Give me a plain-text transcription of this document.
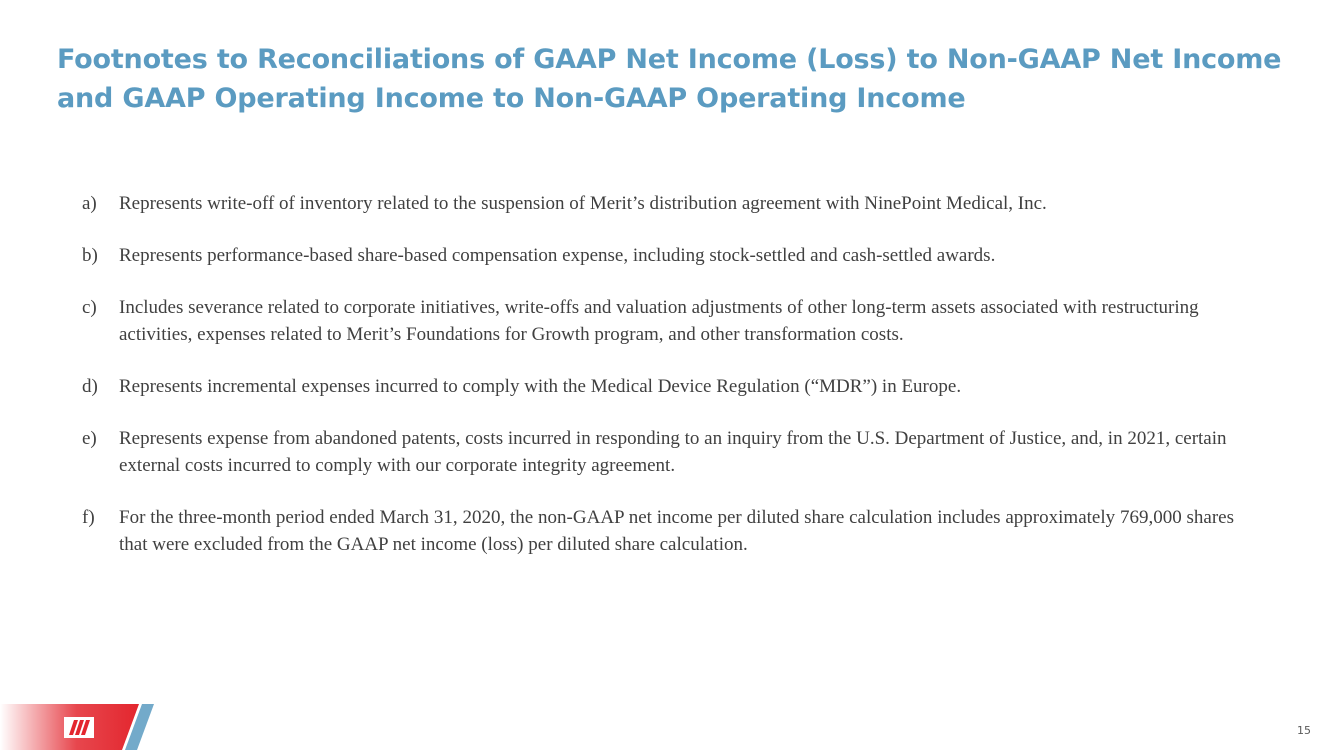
Footnotes to Reconciliations of GAAP Net Income (Loss) to Non-GAAP Net Income
and GAAP Operating Income to Non-GAAP Operating Income
a) Represents write-off of inventory related to the suspension of Merit’s distribution agreement with NinePoint Medical, Inc.
b) Represents performance-based share-based compensation expense, including stock-settled and cash-settled awards.
c) Includes severance related to corporate initiatives, write-offs and valuation adjustments of other long-term assets associated with restructuring activities, expenses related to Merit’s Foundations for Growth program, and other transformation costs.
d) Represents incremental expenses incurred to comply with the Medical Device Regulation (“MDR”) in Europe.
e) Represents expense from abandoned patents, costs incurred in responding to an inquiry from the U.S. Department of Justice, and, in 2021, certain external costs incurred to comply with our corporate integrity agreement.
f) For the three-month period ended March 31, 2020, the non-GAAP net income per diluted share calculation includes approximately 769,000 shares that were excluded from the GAAP net income (loss) per diluted share calculation.
15
